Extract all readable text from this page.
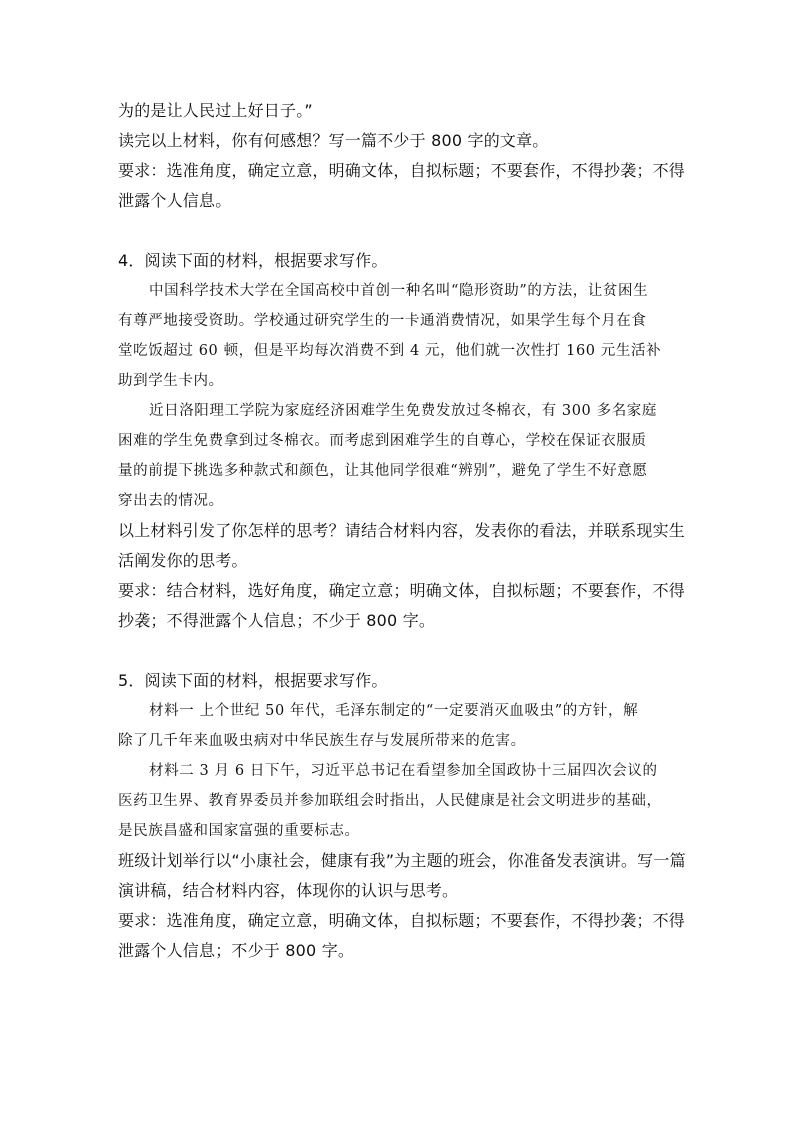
为的是让人民过上好日子。”
读完以上材料，你有何感想？写一篇不少于 800 字的文章。
要求：选准角度，确定立意，明确文体，自拟标题；不要套作，不得抄袭；不得
泄露个人信息。
4．阅读下面的材料，根据要求写作。
中国科学技术大学在全国高校中首创一种名叫“隐形资助”的方法，让贫困生
有尊严地接受资助。学校通过研究学生的一卡通消费情况，如果学生每个月在食
堂吃饭超过 60 顿，但是平均每次消费不到 4 元，他们就一次性打 160 元生活补
助到学生卡内。
近日洛阳理工学院为家庭经济困难学生免费发放过冬棉衣，有 300 多名家庭
困难的学生免费拿到过冬棉衣。而考虑到困难学生的自尊心，学校在保证衣服质
量的前提下挑选多种款式和颜色，让其他同学很难“辨别”，避免了学生不好意愿
穿出去的情况。
以上材料引发了你怎样的思考？请结合材料内容，发表你的看法，并联系现实生
活阐发你的思考。
要求：结合材料，选好角度，确定立意；明确文体，自拟标题；不要套作，不得
抄袭；不得泄露个人信息；不少于 800 字。
5．阅读下面的材料，根据要求写作。
材料一 上个世纪 50 年代，毛泽东制定的“一定要消灭血吸虫”的方针，解
除了几千年来血吸虫病对中华民族生存与发展所带来的危害。
材料二 3 月 6 日下午，习近平总书记在看望参加全国政协十三届四次会议的
医药卫生界、教育界委员并参加联组会时指出，人民健康是社会文明进步的基础，
是民族昌盛和国家富强的重要标志。
班级计划举行以“小康社会，健康有我”为主题的班会，你准备发表演讲。写一篇
演讲稿，结合材料内容，体现你的认识与思考。
要求：选准角度，确定立意，明确文体，自拟标题；不要套作，不得抄袭；不得
泄露个人信息；不少于 800 字。
